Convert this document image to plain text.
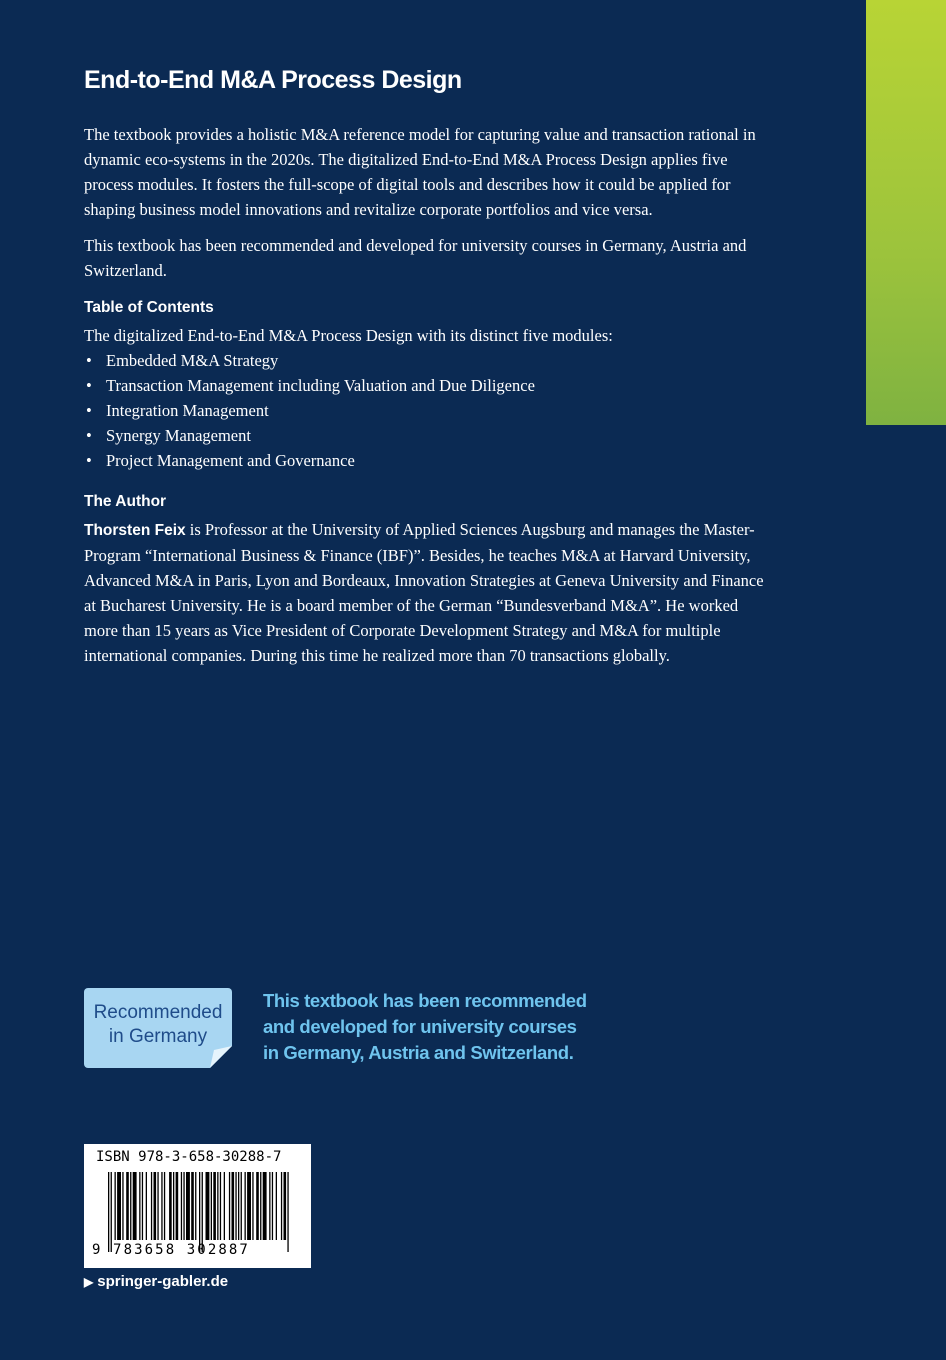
End-to-End M&A Process Design

The textbook provides a holistic M&A reference model for capturing value and transaction rational in dynamic eco-systems in the 2020s. The digitalized End-to-End M&A Process Design applies five process modules. It fosters the full-scope of digital tools and describes how it could be applied for shaping business model innovations and revitalize corporate portfolios and vice versa.

This textbook has been recommended and developed for university courses in Germany, Austria and Switzerland.

Table of Contents

The digitalized End-to-End M&A Process Design with its distinct five modules:

• Embedded M&A Strategy
• Transaction Management including Valuation and Due Diligence
• Integration Management
• Synergy Management
• Project Management and Governance
The Author

Thorsten Feix is Professor at the University of Applied Sciences Augsburg and manages the Master-Program “International Business & Finance (IBF)”. Besides, he teaches M&A at Harvard University, Advanced M&A in Paris, Lyon and Bordeaux, Innovation Strategies at Geneva University and Finance at Bucharest University. He is a board member of the German “Bundesverband M&A”. He worked more than 15 years as Vice President of Corporate Development Strategy and M&A for multiple international companies. During this time he realized more than 70 transactions globally.

Recommended
in Germany
This textbook has been recommended
and developed for university courses
in Germany, Austria and Switzerland.
ISBN 978-3-658-30288-7
9 783658 302887
▶ springer-gabler.de
